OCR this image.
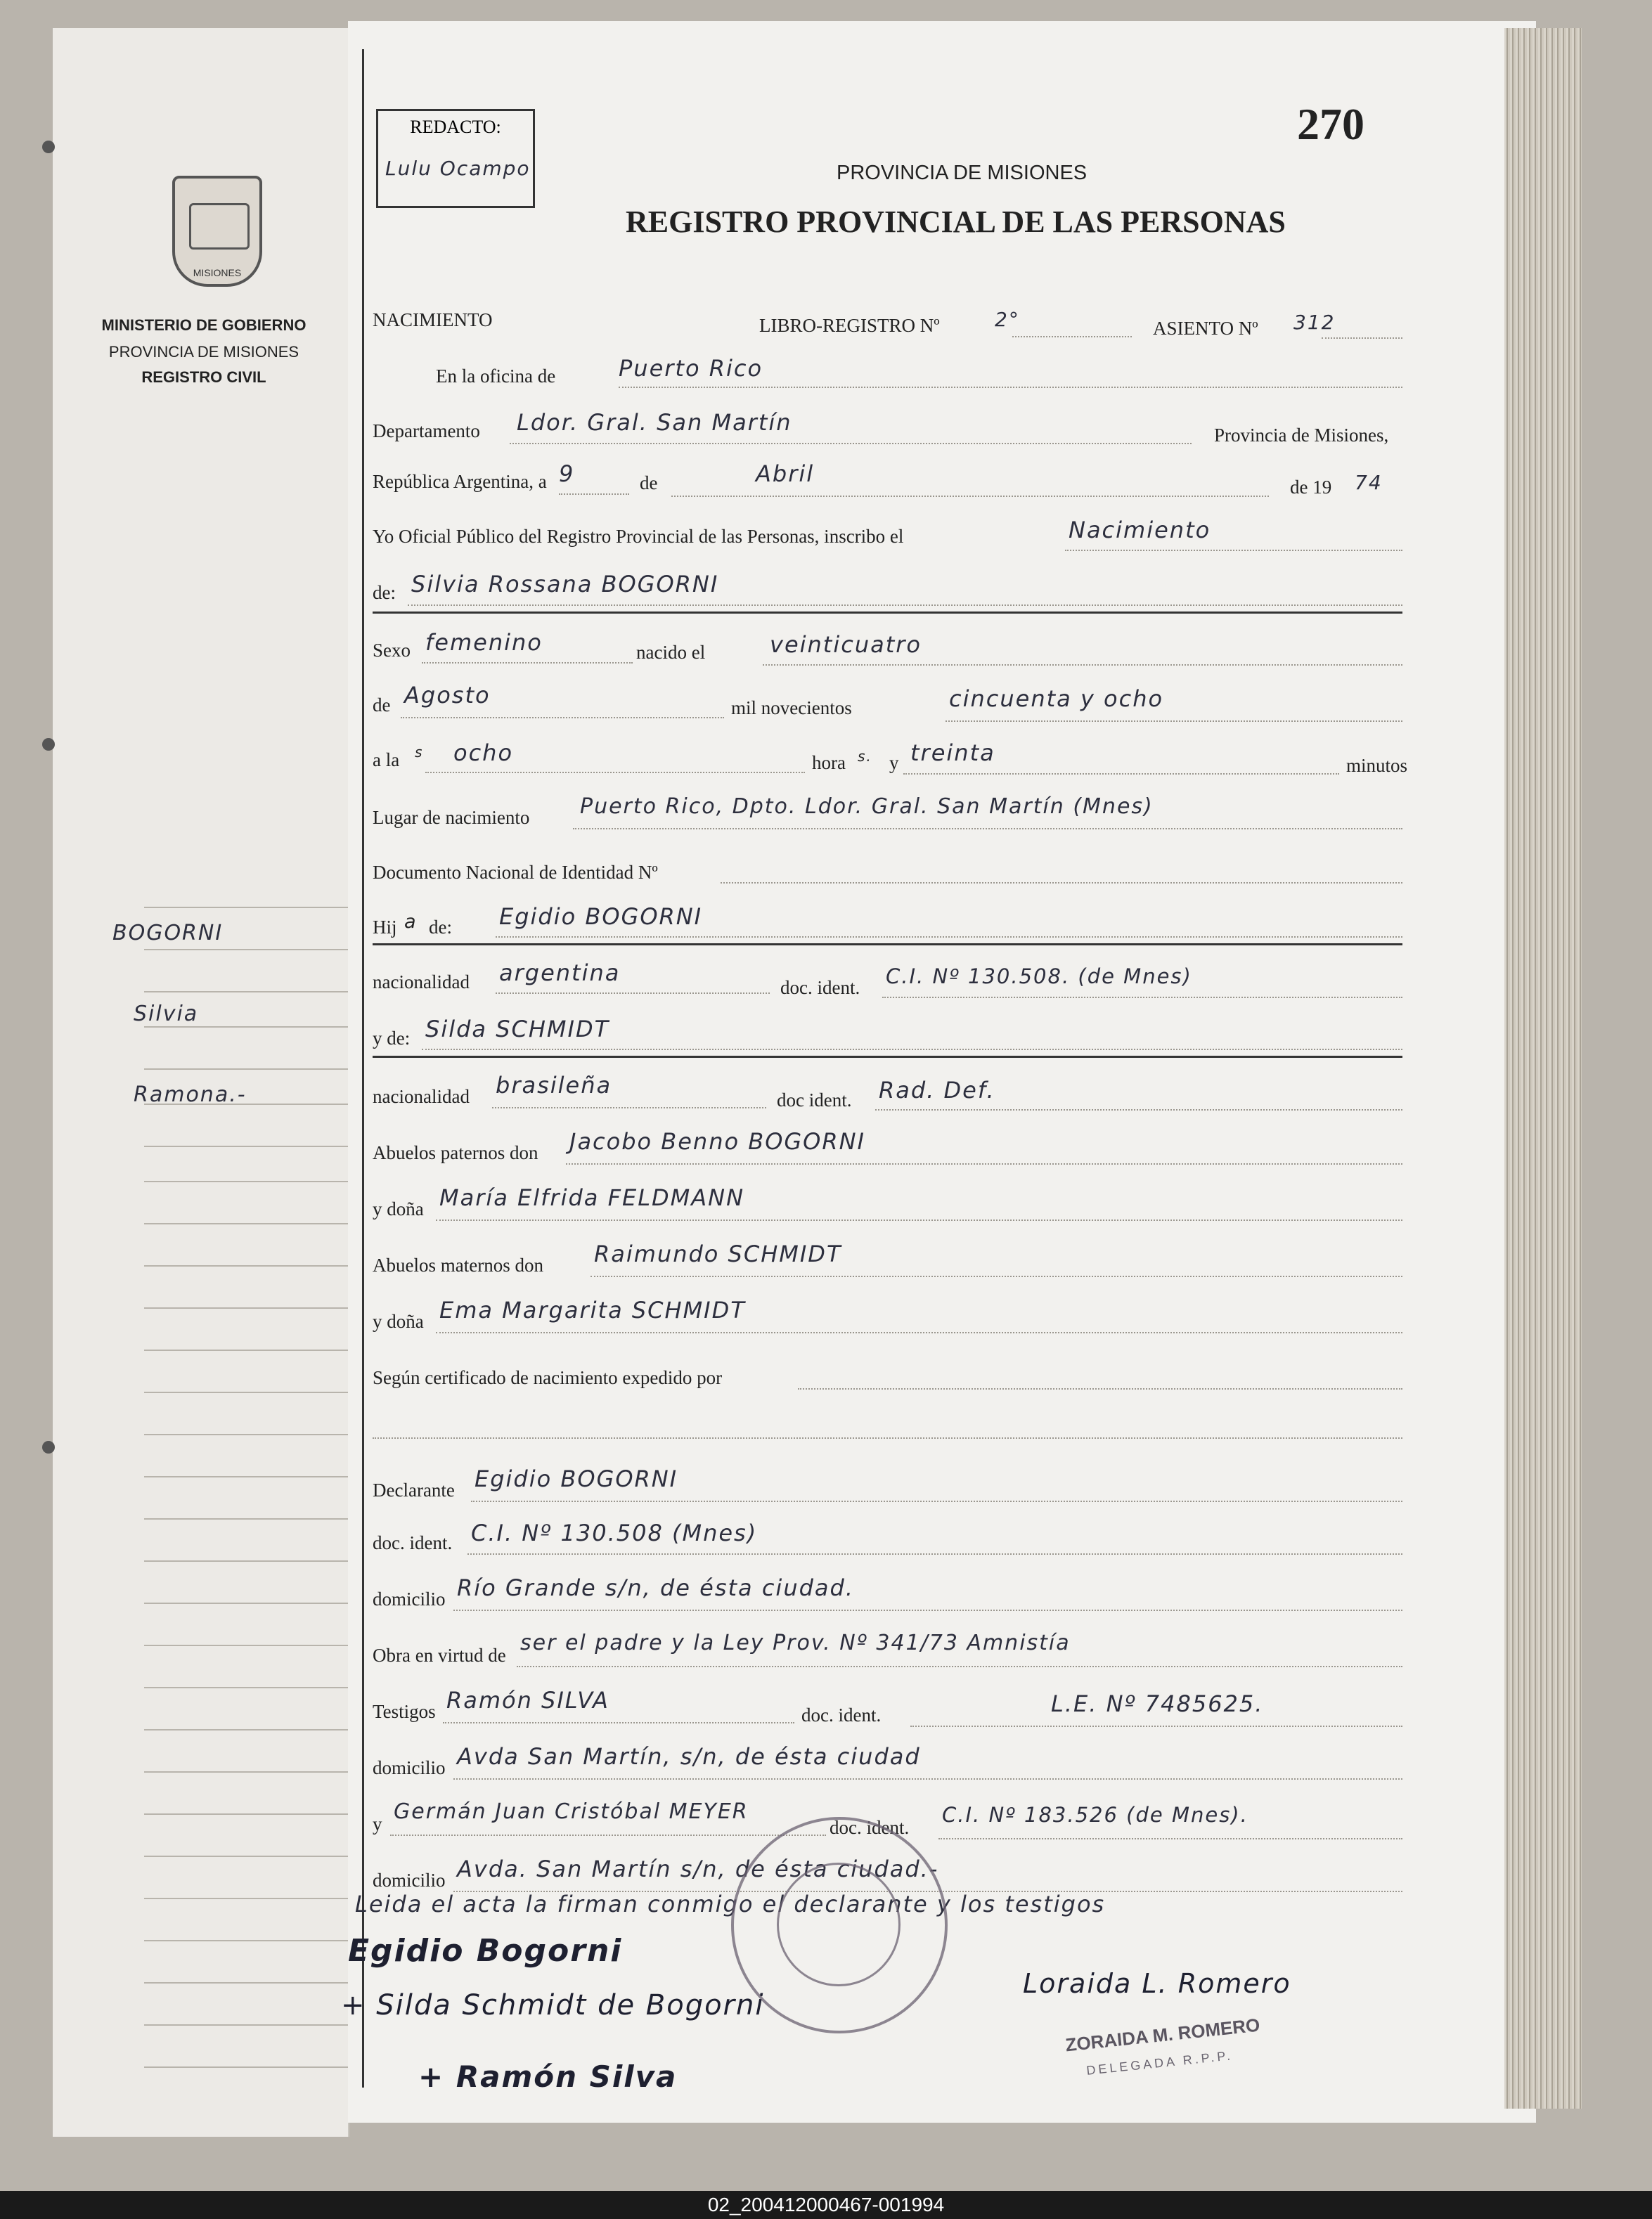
MISIONES
MINISTERIO DE GOBIERNO
PROVINCIA DE MISIONES
REGISTRO CIVIL
BOGORNI
Silvia
Ramona.-
REDACTO:
Lulu Ocampo
270
PROVINCIA DE MISIONES
REGISTRO PROVINCIAL DE LAS PERSONAS
NACIMIENTO	LIBRO-REGISTRO Nº	2°	ASIENTO Nº 312
En la oficina de	Puerto Rico
Departamento Ldor. Gral. San Martín	Provincia de Misiones,
República Argentina, a 9	de	Abril	de 19 74
Yo Oficial Público del Registro Provincial de las Personas, inscribo el	Nacimiento
de: Silvia Rossana BOGORNI
Sexo femenino	nacido el	veinticuatro
de Agosto	mil novecientos	cincuenta y ocho
a la s ocho	hora s. y treinta	minutos
Lugar de nacimiento Puerto Rico, Dpto. Ldor. Gral. San Martín (Mnes)
Documento Nacional de Identidad Nº
Hij a de: Egidio BOGORNI
nacionalidad argentina
doc. ident. C.I. Nº 130.508. (de Mnes)
y de: Silda SCHMIDT
nacionalidad brasileña
doc ident. Rad. Def.
Abuelos paternos don Jacobo Benno BOGORNI
y doña María Elfrida FELDMANN
Abuelos maternos don Raimundo SCHMIDT
y doña Ema Margarita SCHMIDT
Según certificado de nacimiento expedido por
Declarante Egidio BOGORNI
doc. ident. C.I. Nº 130.508 (Mnes)
domicilio Río Grande s/n, de ésta ciudad.
Obra en virtud de ser el padre y la Ley Prov. Nº 341/73 Amnistía
Testigos Ramón SILVA
doc. ident.	L.E. Nº 7485625.
domicilio Avda San Martín, s/n, de ésta ciudad
y Germán Juan Cristóbal MEYER
doc. ident.
C.I. Nº 183.526 (de Mnes).
domicilio Avda. San Martín s/n, de ésta ciudad.-
Leida el acta la firman conmigo el declarante y los testigos
Egidio Bogorni
+ Silda Schmidt de Bogorni
Loraida L. Romero
+ Ramón Silva
ZORAIDA M. ROMERO
DELEGADA R.P.P.
02_200412000467-001994
